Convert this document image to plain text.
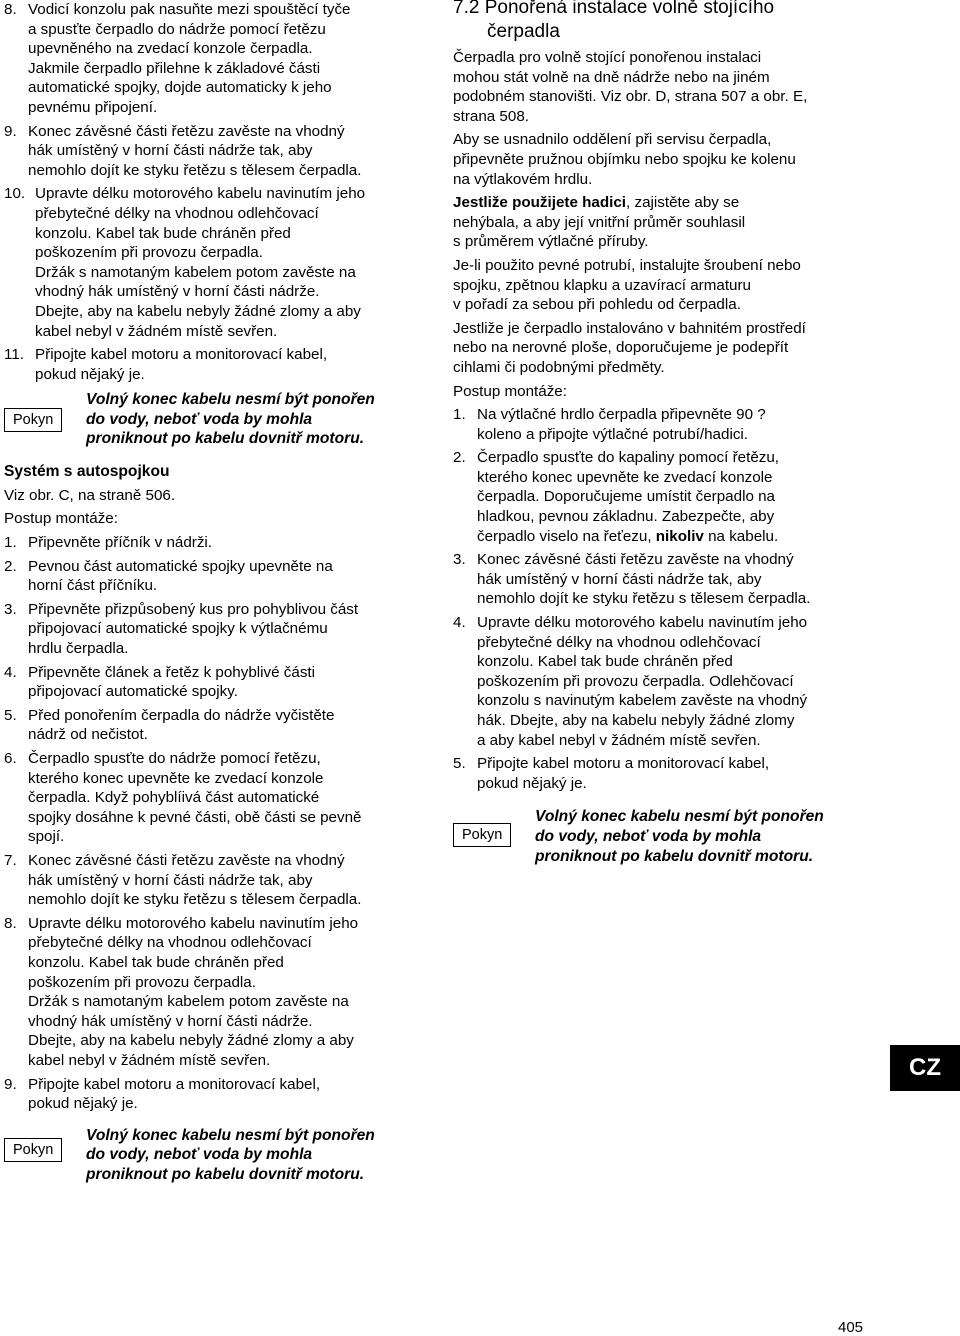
8. Vodicí konzolu pak nasuňte mezi spouštěcí tyče
a spusťte čerpadlo do nádrže pomocí řetězu
upevněného na zvedací konzole čerpadla.
Jakmile čerpadlo přilehne k základové části
automatické spojky, dojde automaticky k jeho
pevnému připojení.
9. Konec závěsné části řetězu zavěste na vhodný
hák umístěný v horní části nádrže tak, aby
nemohlo dojít ke styku řetězu s tělesem čerpadla.
10. Upravte délku motorového kabelu navinutím jeho
přebytečné délky na vhodnou odlehčovací
konzolu. Kabel tak bude chráněn před
poškozením při provozu čerpadla.
Držák s namotaným kabelem potom zavěste na
vhodný hák umístěný v horní části nádrže.
Dbejte, aby na kabelu nebyly žádné zlomy a aby
kabel nebyl v žádném místě sevřen.
11. Připojte kabel motoru a monitorovací kabel,
pokud nějaký je.
Pokyn
Volný konec kabelu nesmí být ponořen
do vody, neboť voda by mohla
proniknout po kabelu dovnitř motoru.
Systém s autospojkou
Viz obr. C, na straně 506.
Postup montáže:
1. Připevněte příčník v nádrži.
2. Pevnou část automatické spojky upevněte na
horní část příčníku.
3. Připevněte přizpůsobený kus pro pohyblivou část
připojovací automatické spojky k výtlačnému
hrdlu čerpadla.
4. Připevněte článek a řetěz k pohyblivé části
připojovací automatické spojky.
5. Před ponořením čerpadla do nádrže vyčistěte
nádrž od nečistot.
6. Čerpadlo spusťte do nádrže pomocí řetězu,
kterého konec upevněte ke zvedací konzole
čerpadla. Když pohyblíivá část automatické
spojky dosáhne k pevné části, obě části se pevně
spojí.
7. Konec závěsné části řetězu zavěste na vhodný
hák umístěný v horní části nádrže tak, aby
nemohlo dojít ke styku řetězu s tělesem čerpadla.
8. Upravte délku motorového kabelu navinutím jeho
přebytečné délky na vhodnou odlehčovací
konzolu. Kabel tak bude chráněn před
poškozením při provozu čerpadla.
Držák s namotaným kabelem potom zavěste na
vhodný hák umístěný v horní části nádrže.
Dbejte, aby na kabelu nebyly žádné zlomy a aby
kabel nebyl v žádném místě sevřen.
9. Připojte kabel motoru a monitorovací kabel,
pokud nějaký je.
Pokyn
Volný konec kabelu nesmí být ponořen
do vody, neboť voda by mohla
proniknout po kabelu dovnitř motoru.
7.2 Ponořená instalace volně stojícího
čerpadla
Čerpadla pro volně stojící ponořenou instalaci
mohou stát volně na dně nádrže nebo na jiném
podobném stanovišti. Viz obr. D, strana 507 a obr. E,
strana 508.
Aby se usnadnilo oddělení při servisu čerpadla,
připevněte pružnou objímku nebo spojku ke kolenu
na výtlakovém hrdlu.
Jestliže použijete hadici, zajistěte aby se
nehýbala, a aby její vnitřní průměr souhlasil
s průměrem výtlačné příruby.
Je-li použito pevné potrubí, instalujte šroubení nebo
spojku, zpětnou klapku a uzavírací armaturu
v pořadí za sebou při pohledu od čerpadla.
Jestliže je čerpadlo instalováno v bahnitém prostředí
nebo na nerovné ploše, doporučujeme je podepřít
cihlami či podobnými předměty.
Postup montáže:
1. Na výtlačné hrdlo čerpadla připevněte 90 ?
koleno a připojte výtlačné potrubí/hadici.
2. Čerpadlo spusťte do kapaliny pomocí řetězu,
kterého konec upevněte ke zvedací konzole
čerpadla. Doporučujeme umístit čerpadlo na
hladkou, pevnou základnu. Zabezpečte, aby
čerpadlo viselo na řeťezu, nikoliv na kabelu.
3. Konec závěsné části řetězu zavěste na vhodný
hák umístěný v horní části nádrže tak, aby
nemohlo dojít ke styku řetězu s tělesem čerpadla.
4. Upravte délku motorového kabelu navinutím jeho
přebytečné délky na vhodnou odlehčovací
konzolu. Kabel tak bude chráněn před
poškozením při provozu čerpadla. Odlehčovací
konzolu s navinutým kabelem zavěste na vhodný
hák. Dbejte, aby na kabelu nebyly žádné zlomy
a aby kabel nebyl v žádném místě sevřen.
5. Připojte kabel motoru a monitorovací kabel,
pokud nějaký je.
Pokyn
Volný konec kabelu nesmí být ponořen
do vody, neboť voda by mohla
proniknout po kabelu dovnitř motoru.
CZ
405
